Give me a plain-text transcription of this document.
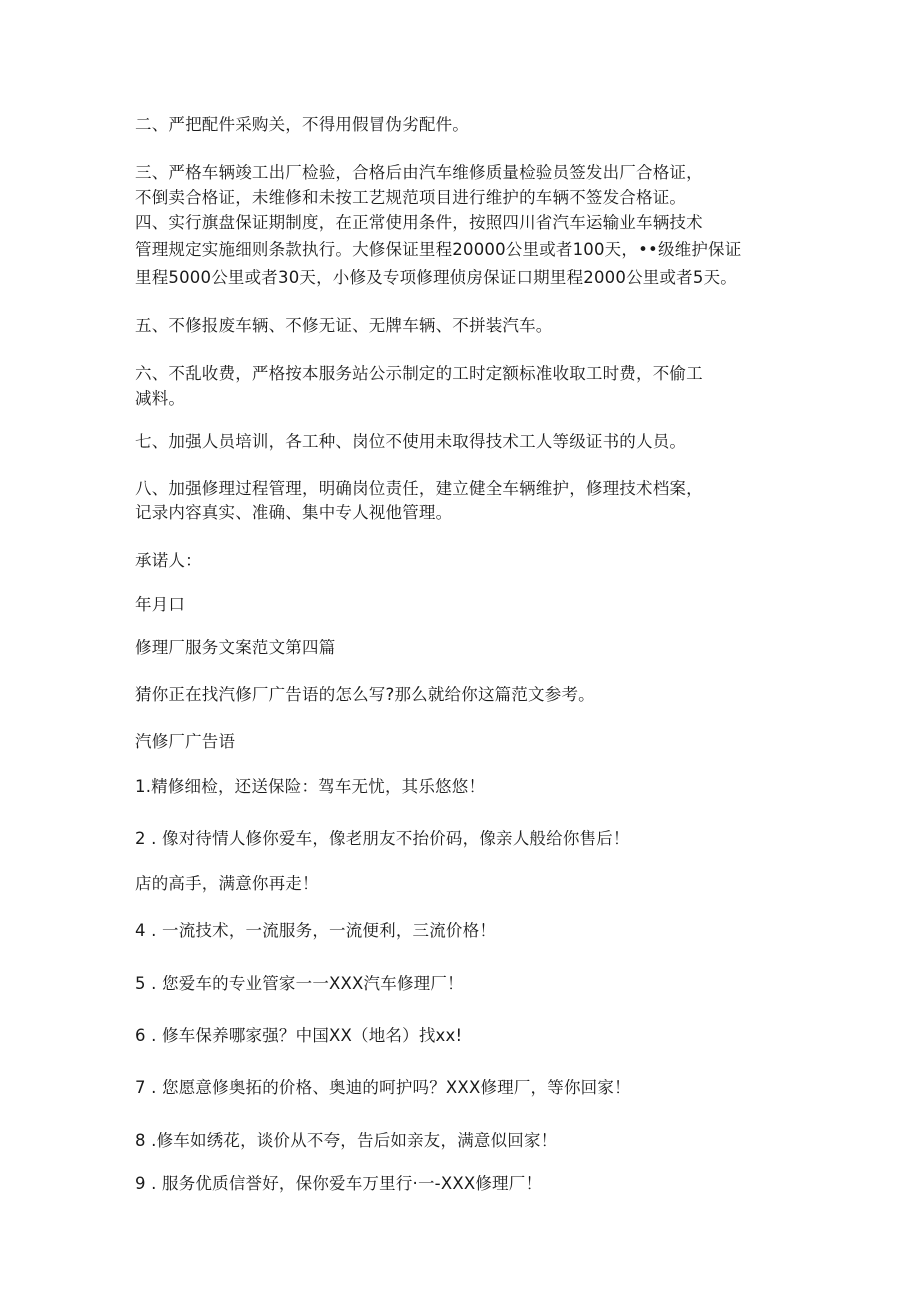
二、严把配件采购关，不得用假冒伪劣配件。

三、严格车辆竣工出厂检验，合格后由汽车维修质量检验员签发出厂合格证，

不倒卖合格证，未维修和未按工艺规范项目进行维护的车辆不签发合格证。

四、实行旗盘保证期制度，在正常使用条件，按照四川省汽车运输业车辆技术

管理规定实施细则条款执行。大修保证里程20000公里或者100天，••级维护保证

里程5000公里或者30天，小修及专项修理侦房保证口期里程2000公里或者5天。

五、不修报废车辆、不修无证、无牌车辆、不拼装汽车。

六、不乱收费，严格按本服务站公示制定的工时定额标准收取工时费，不偷工

减料。

七、加强人员培训，各工种、岗位不使用未取得技术工人等级证书的人员。

八、加强修理过程管理，明确岗位责任，建立健全车辆维护，修理技术档案，

记录内容真实、准确、集中专人视他管理。

承诺人：

年月口

修理厂服务文案范文第四篇

猜你正在找汽修厂广告语的怎么写?那么就给你这篇范文参考。

汽修厂广告语

1.精修细检，还送保险：驾车无忧，其乐悠悠！

2 . 像对待情人修你爱车，像老朋友不抬价码，像亲人般给你售后！

店的高手，满意你再走！

4 . 一流技术，一流服务，一流便利，三流价格！

5 . 您爱车的专业管家一一XXX汽车修理厂！

6 . 修车保养哪家强？中国XX（地名）找xx!

7 . 您愿意修奥拓的价格、奥迪的呵护吗？XXX修理厂，等你回家！

8 .修车如绣花，谈价从不夸，告后如亲友，满意似回家！

9 . 服务优质信誉好，保你爱车万里行·一-XXX修理厂！
